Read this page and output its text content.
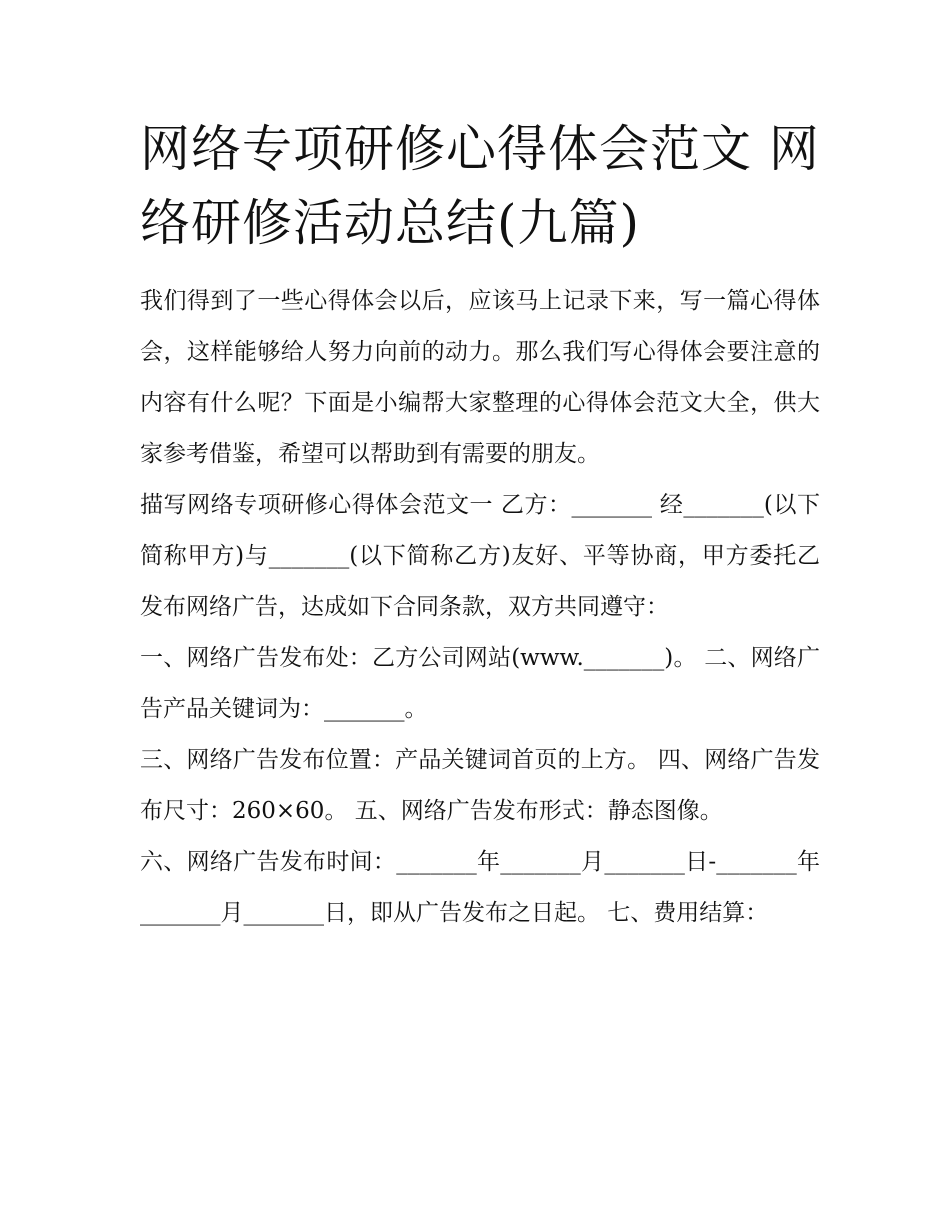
网络专项研修心得体会范文 网络研修活动总结(九篇)

我们得到了一些心得体会以后，应该马上记录下来，写一篇心得体会，这样能够给人努力向前的动力。那么我们写心得体会要注意的内容有什么呢？下面是小编帮大家整理的心得体会范文大全，供大家参考借鉴，希望可以帮助到有需要的朋友。

描写网络专项研修心得体会范文一 乙方：_______ 经_______(以下简称甲方)与_______(以下简称乙方)友好、平等协商，甲方委托乙发布网络广告，达成如下合同条款，双方共同遵守：

一、网络广告发布处：乙方公司网站(www._______)。 二、网络广告产品关键词为：_______。

三、网络广告发布位置：产品关键词首页的上方。 四、网络广告发布尺寸：260×60。 五、网络广告发布形式：静态图像。

六、网络广告发布时间：_______年_______月_______日-_______年_______月_______日，即从广告发布之日起。 七、费用结算：
